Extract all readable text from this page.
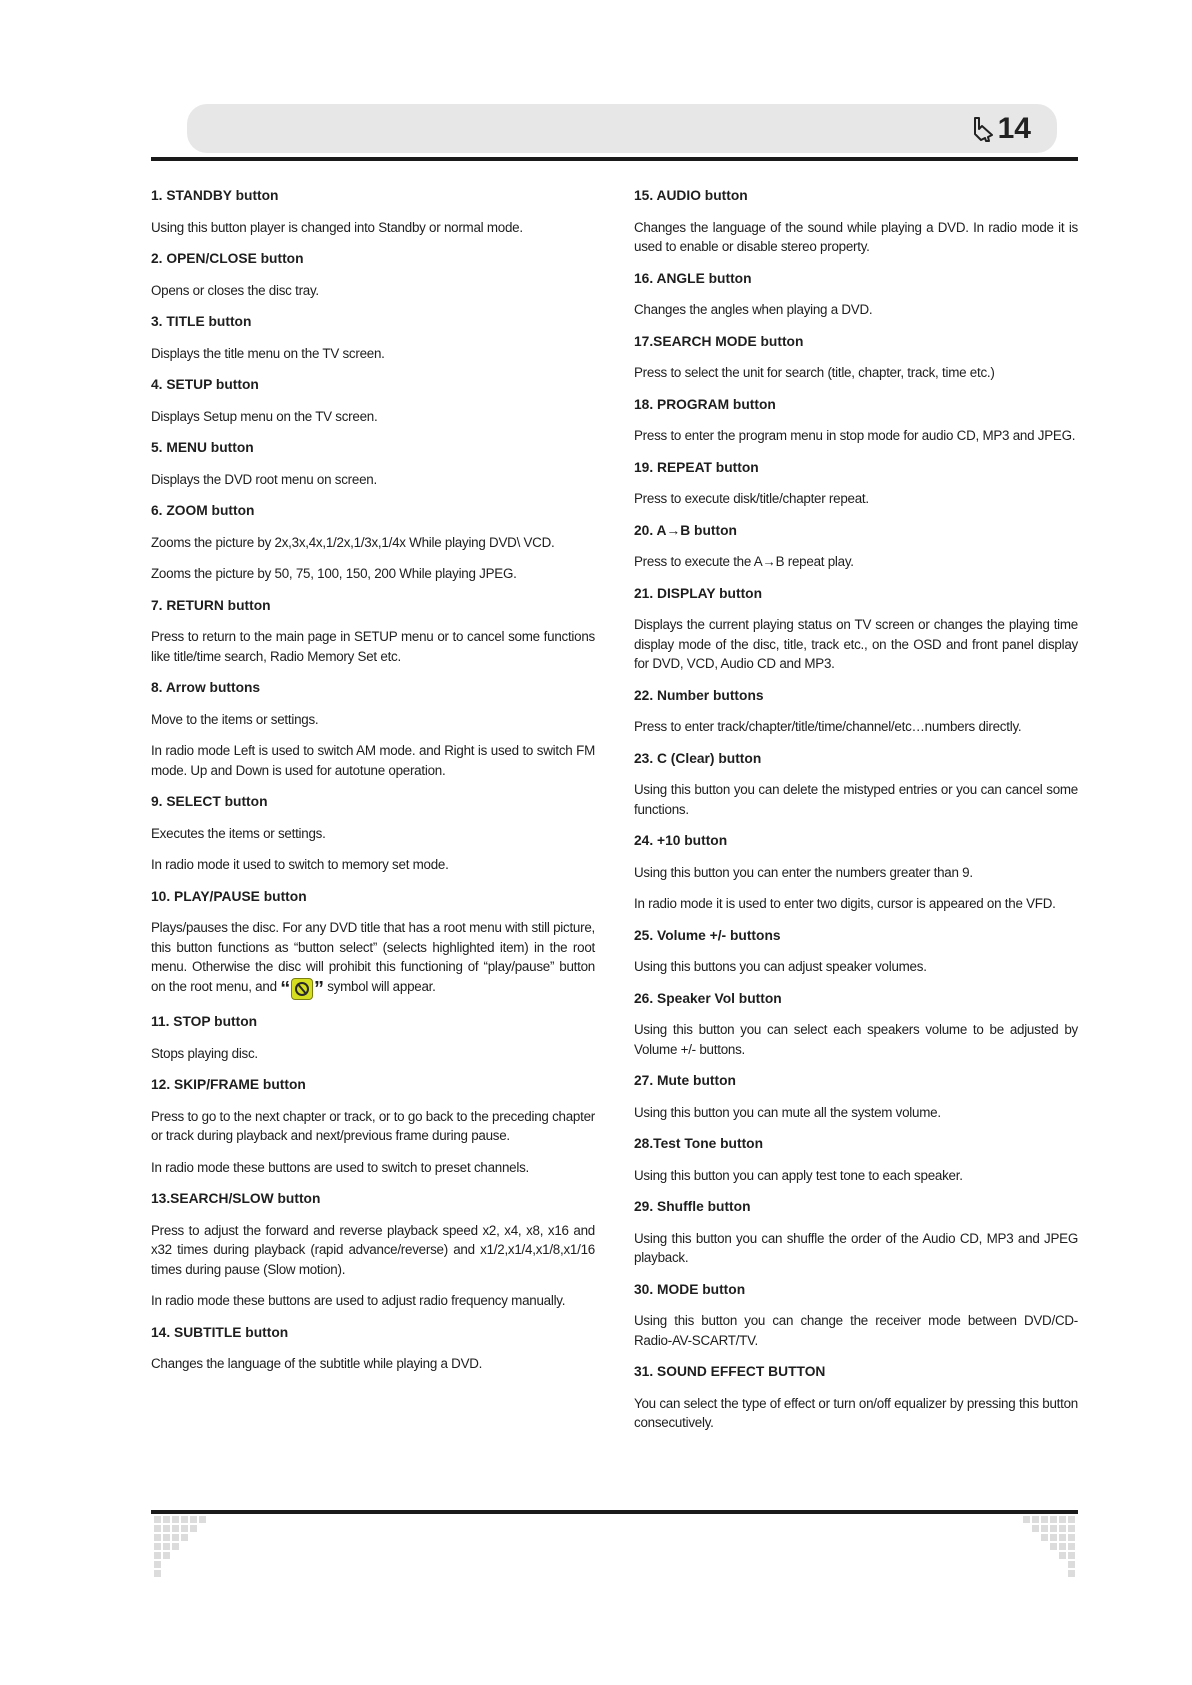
14

1. STANDBY button

Using this button player is changed into Standby or normal mode.

2. OPEN/CLOSE button

Opens or closes the disc tray.

3. TITLE button

Displays the title menu on the TV screen.

4. SETUP button

Displays Setup menu on the TV screen.

5. MENU button

Displays the DVD root menu on screen.

6. ZOOM button

Zooms the picture by 2x,3x,4x,1/2x,1/3x,1/4x While playing DVD\ VCD.

Zooms the picture by 50, 75, 100, 150, 200 While playing JPEG.

7. RETURN button

Press to return to the main page in SETUP menu or to cancel some functions like title/time search, Radio Memory Set etc.

8. Arrow buttons

Move to the items or settings.

In radio mode Left is used to switch AM mode. and Right is used to switch FM mode. Up and Down is used for autotune operation.

9. SELECT button

Executes the items or settings.

In radio mode it used to switch to memory set mode.

10. PLAY/PAUSE button

Plays/pauses the disc. For any DVD title that has a root menu with still picture, this button functions as “button select” (selects highlighted item) in the root menu. Otherwise the disc will prohibit this functioning of “play/pause” button on the root menu, and “ ” symbol will appear.

11. STOP button

Stops playing disc.

12. SKIP/FRAME button

Press to go to the next chapter or track, or to go back to the preceding chapter or track during playback and next/previous frame during pause.

In radio mode these buttons are used to switch to preset channels.

13.SEARCH/SLOW button

Press to adjust the forward and reverse playback speed x2, x4, x8, x16 and x32 times during playback (rapid advance/reverse) and x1/2,x1/4,x1/8,x1/16 times during pause (Slow motion).

In radio mode these buttons are used to adjust radio frequency manually.

14. SUBTITLE button

Changes the language of the subtitle while playing a DVD.

15. AUDIO button

Changes the language of the sound while playing a DVD. In radio mode it is used to enable or disable stereo property.

16. ANGLE button

Changes the angles when playing a DVD.

17.SEARCH MODE button

Press to select the unit for search (title, chapter, track, time etc.)

18. PROGRAM button

Press to enter the program menu in stop mode for audio CD, MP3 and JPEG.

19. REPEAT button

Press to execute disk/title/chapter repeat.

20. A→B button

Press to execute the A→B repeat play.

21. DISPLAY button

Displays the current playing status on TV screen or changes the playing time display mode of the disc, title, track etc., on the OSD and front panel display for DVD, VCD, Audio CD and MP3.

22. Number buttons

Press to enter track/chapter/title/time/channel/etc…numbers directly.

23. C (Clear) button

Using this button you can delete the mistyped entries or you can cancel some functions.

24. +10 button

Using this button you can enter the numbers greater than 9.

In radio mode it is used to enter two digits, cursor is appeared on the VFD.

25. Volume +/- buttons

Using this buttons you can adjust speaker volumes.

26. Speaker Vol button

Using this button you can select each speakers volume to be adjusted by Volume +/- buttons.

27. Mute button

Using this button you can mute all the system volume.

28.Test Tone button

Using this button you can apply test tone to each speaker.

29. Shuffle button

Using this button you can shuffle the order of the Audio CD, MP3 and JPEG playback.

30. MODE button

Using this button you can change the receiver mode between DVD/CD-Radio-AV-SCART/TV.

31. SOUND EFFECT BUTTON

You can select the type of effect or turn on/off equalizer by pressing this button consecutively.
